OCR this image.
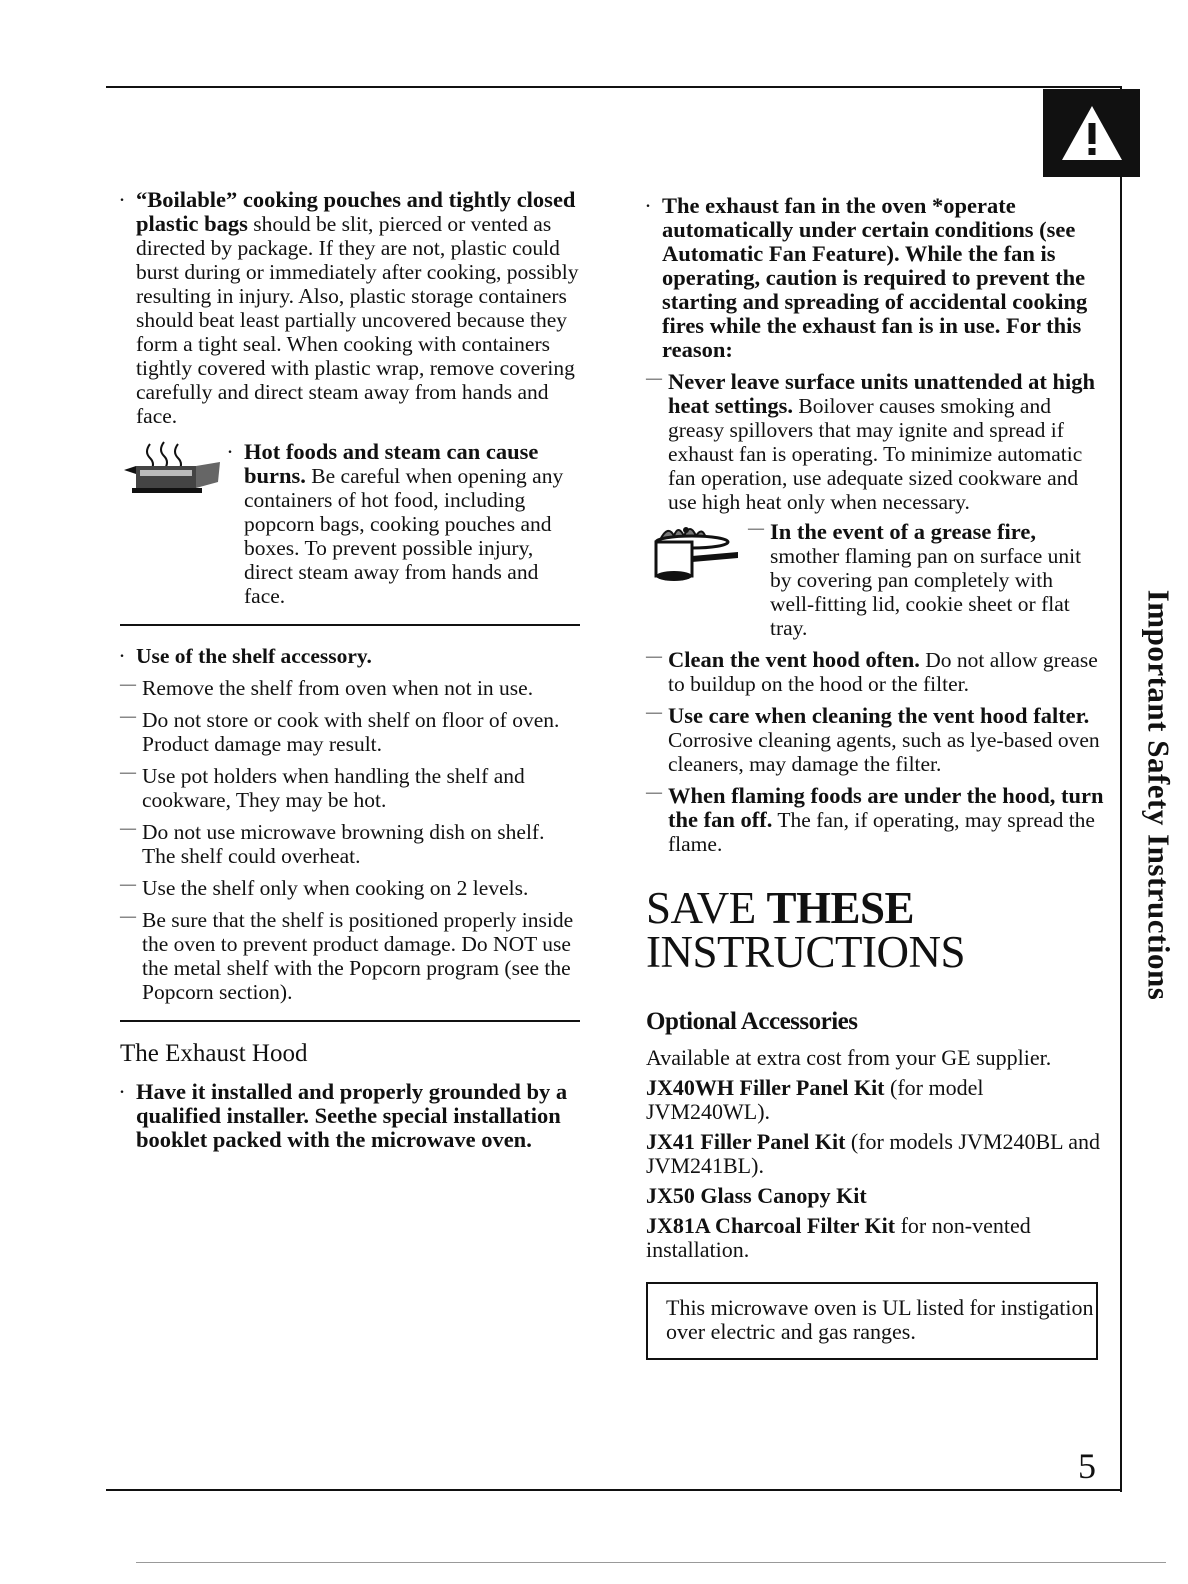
Important Safety Instructions
. “Boilable” cooking pouches and tightly closed plastic bags should be slit, pierced or vented as directed by package. If they are not, plastic could burst during or immediately after cooking, possibly resulting in injury. Also, plastic storage containers should beat least partially uncovered because they form a tight seal. When cooking with containers tightly covered with plastic wrap, remove covering carefully and direct steam away from hands and face.

. Hot foods and steam can cause burns. Be careful when opening any containers of hot food, including popcorn bags, cooking pouches and boxes. To prevent possible injury, direct steam away from hands and face.

. Use of the shelf accessory.

— Remove the shelf from oven when not in use.

— Do not store or cook with shelf on floor of oven. Product damage may result.

— Use pot holders when handling the shelf and cookware, They may be hot.

— Do not use microwave browning dish on shelf. The shelf could overheat.

— Use the shelf only when cooking on 2 levels.

— Be sure that the shelf is positioned properly inside the oven to prevent product damage. Do NOT use the metal shelf with the Popcorn program (see the Popcorn section).

The Exhaust Hood

. Have it installed and properly grounded by a qualified installer. Seethe special installation booklet packed with the microwave oven.

. The exhaust fan in the oven *operate automatically under certain conditions (see Automatic Fan Feature). While the fan is operating, caution is required to prevent the starting and spreading of accidental cooking fires while the exhaust fan is in use. For this reason:

— Never leave surface units unattended at high heat settings. Boilover causes smoking and greasy spillovers that may ignite and spread if exhaust fan is operating. To minimize automatic fan operation, use adequate sized cookware and use high heat only when necessary.

— In the event of a grease fire, smother flaming pan on surface unit by covering pan completely with well-fitting lid, cookie sheet or flat tray.

— Clean the vent hood often. Do not allow grease to buildup on the hood or the filter.

— Use care when cleaning the vent hood falter. Corrosive cleaning agents, such as lye-based oven cleaners, may damage the filter.

— When flaming foods are under the hood, turn the fan off. The fan, if operating, may spread the flame.

SAVE THESE
INSTRUCTIONS

Optional Accessories

Available at extra cost from your GE supplier.

JX40WH Filler Panel Kit (for model JVM240WL).

JX41 Filler Panel Kit (for models JVM240BL and JVM241BL).

JX50 Glass Canopy Kit

JX81A Charcoal Filter Kit for non-vented installation.

This microwave oven is UL listed for instigation over electric and gas ranges.
5
